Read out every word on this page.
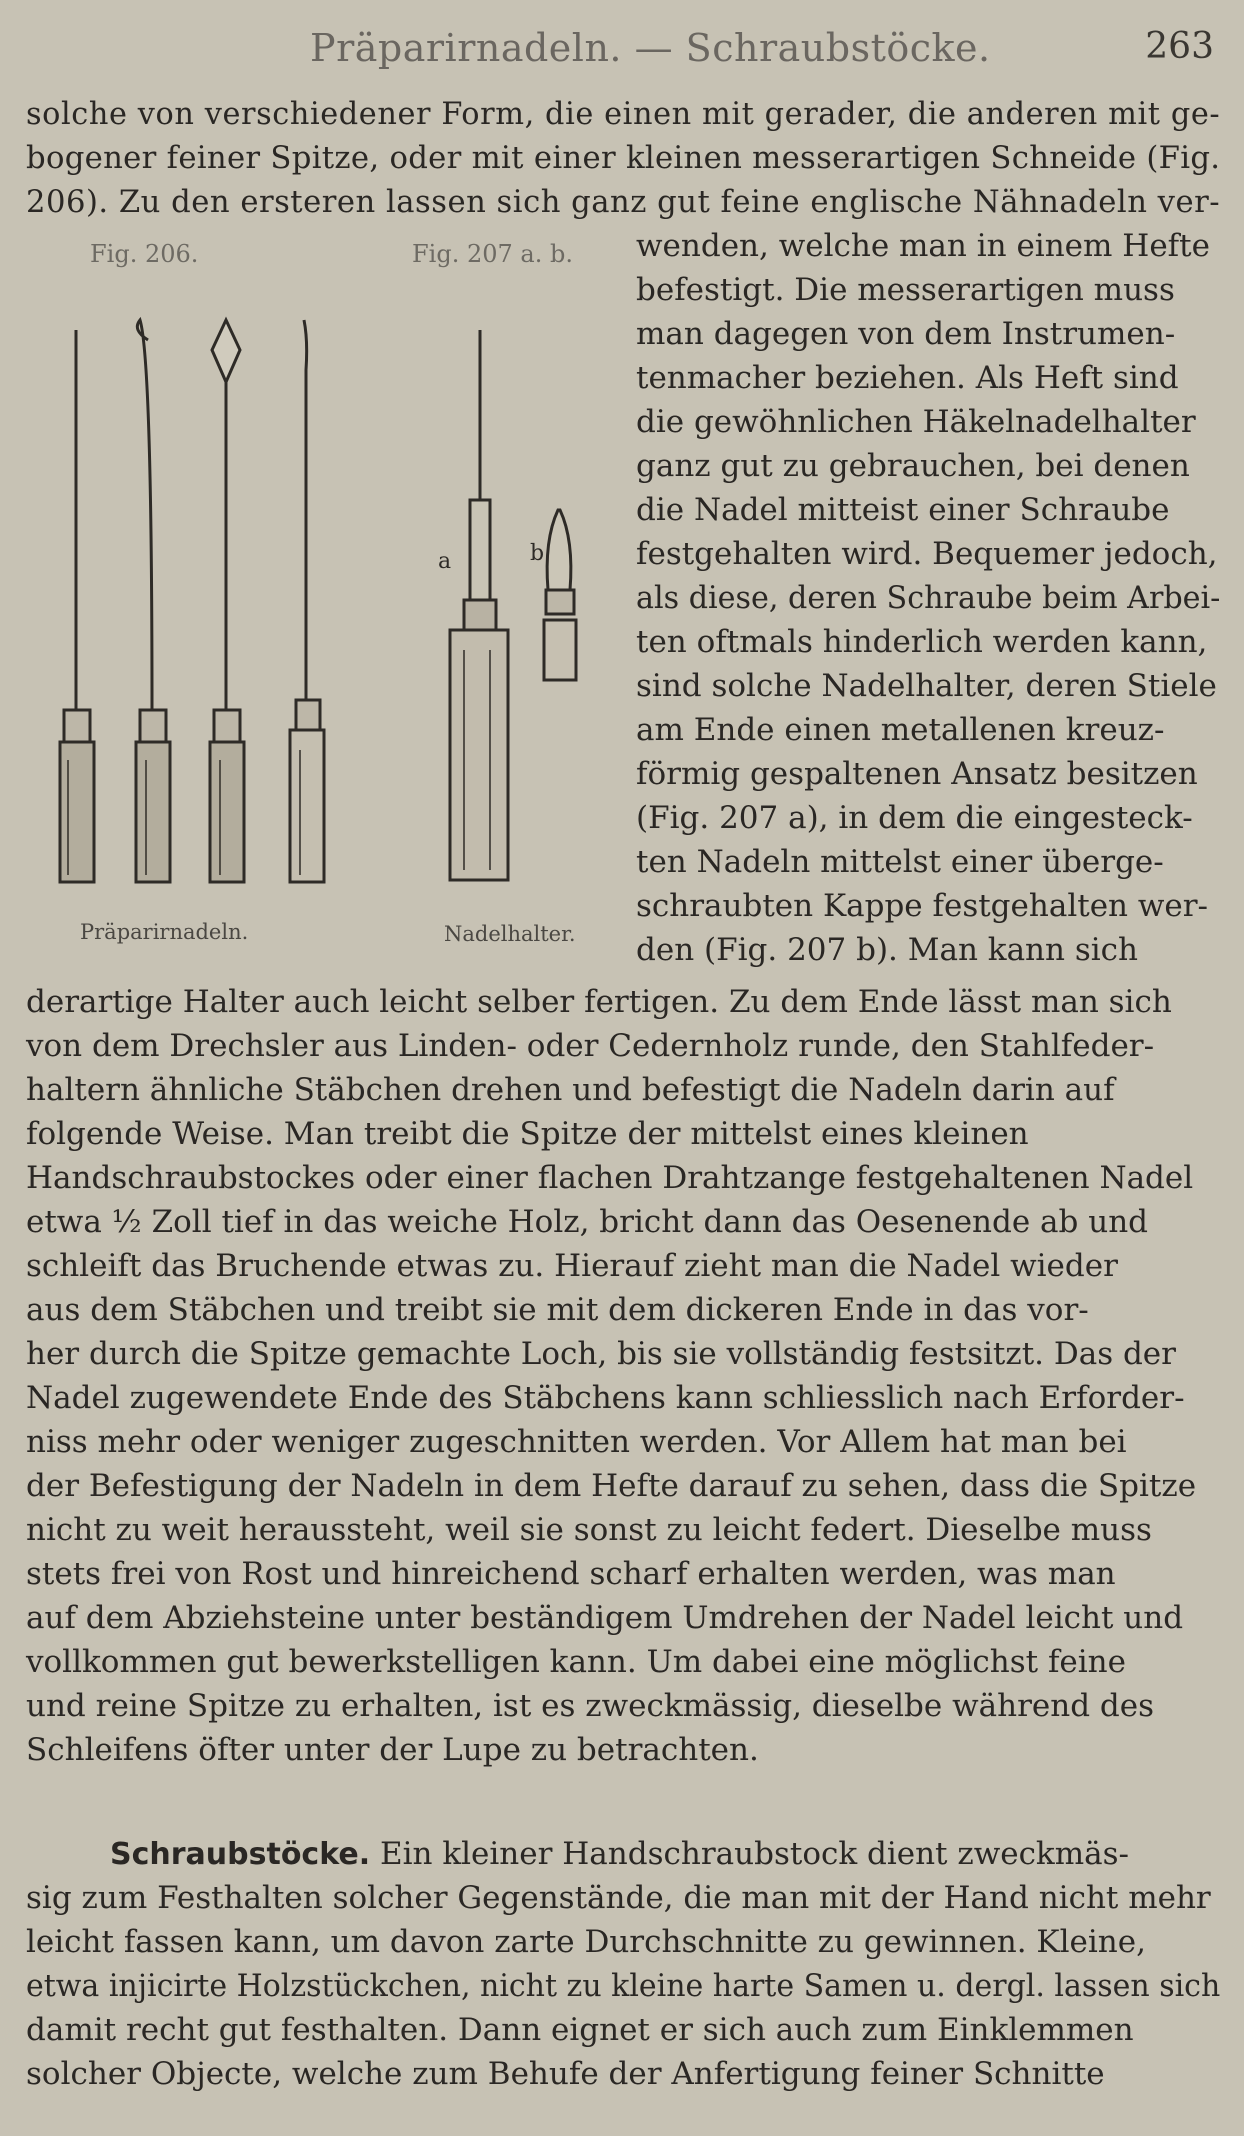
Präparirnadeln. — Schraubstöcke.	263
solche von verschiedener Form, die einen mit gerader, die anderen mit ge-
bogener feiner Spitze, oder mit einer kleinen messerartigen Schneide (Fig.
206). Zu den ersteren lassen sich ganz gut feine englische Nähnadeln ver-
Fig. 206.	Fig. 207 a. b.
a	b
Präparirnadeln.	Nadelhalter.
wenden, welche man in einem Hefte
befestigt. Die messerartigen muss
man dagegen von dem Instrumen-
tenmacher beziehen. Als Heft sind
die gewöhnlichen Häkelnadelhalter
ganz gut zu gebrauchen, bei denen
die Nadel mitteist einer Schraube
festgehalten wird. Bequemer jedoch,
als diese, deren Schraube beim Arbei-
ten oftmals hinderlich werden kann,
sind solche Nadelhalter, deren Stiele
am Ende einen metallenen kreuz-
förmig gespaltenen Ansatz besitzen
(Fig. 207 a), in dem die eingesteck-
ten Nadeln mittelst einer überge-
schraubten Kappe festgehalten wer-
den (Fig. 207 b). Man kann sich
derartige Halter auch leicht selber fertigen. Zu dem Ende lässt man sich
von dem Drechsler aus Linden- oder Cedernholz runde, den Stahlfeder-
haltern ähnliche Stäbchen drehen und befestigt die Nadeln darin auf
folgende Weise. Man treibt die Spitze der mittelst eines kleinen
Handschraubstockes oder einer flachen Drahtzange festgehaltenen Nadel
etwa ½ Zoll tief in das weiche Holz, bricht dann das Oesenende ab und
schleift das Bruchende etwas zu. Hierauf zieht man die Nadel wieder
aus dem Stäbchen und treibt sie mit dem dickeren Ende in das vor-
her durch die Spitze gemachte Loch, bis sie vollständig festsitzt. Das der
Nadel zugewendete Ende des Stäbchens kann schliesslich nach Erforder-
niss mehr oder weniger zugeschnitten werden. Vor Allem hat man bei
der Befestigung der Nadeln in dem Hefte darauf zu sehen, dass die Spitze
nicht zu weit heraussteht, weil sie sonst zu leicht federt. Dieselbe muss
stets frei von Rost und hinreichend scharf erhalten werden, was man
auf dem Abziehsteine unter beständigem Umdrehen der Nadel leicht und
vollkommen gut bewerkstelligen kann. Um dabei eine möglichst feine
und reine Spitze zu erhalten, ist es zweckmässig, dieselbe während des
Schleifens öfter unter der Lupe zu betrachten.
Schraubstöcke. Ein kleiner Handschraubstock dient zweckmäs-
sig zum Festhalten solcher Gegenstände, die man mit der Hand nicht mehr
leicht fassen kann, um davon zarte Durchschnitte zu gewinnen. Kleine,
etwa injicirte Holzstückchen, nicht zu kleine harte Samen u. dergl. lassen sich
damit recht gut festhalten. Dann eignet er sich auch zum Einklemmen
solcher Objecte, welche zum Behufe der Anfertigung feiner Schnitte
